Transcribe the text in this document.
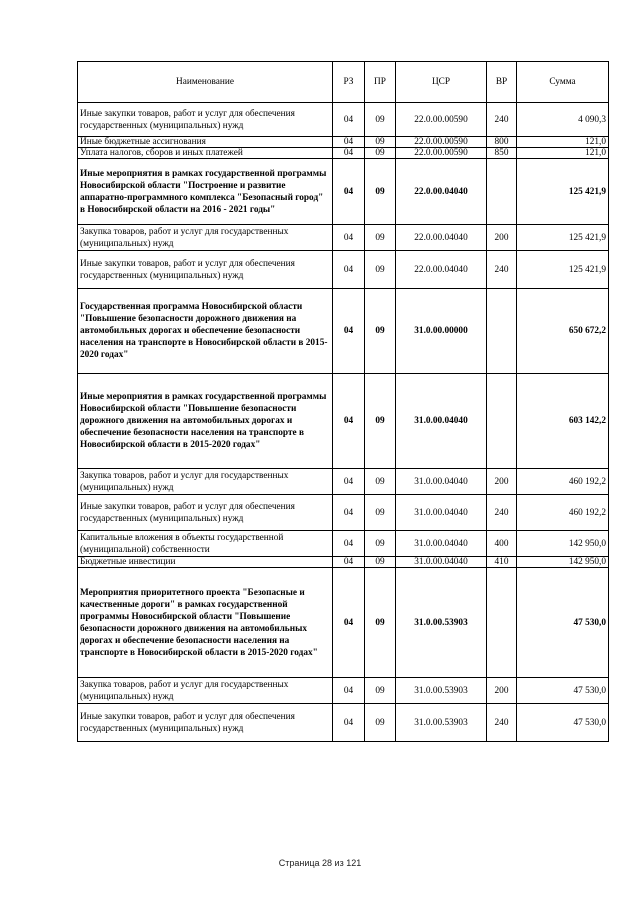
Наименование	РЗ	ПР	ЦСР	ВР	Сумма
Иные закупки товаров, работ и услуг для обеспечения государственных (муниципальных) нужд	04	09	22.0.00.00590	240	4 090,3
Иные бюджетные ассигнования	04	09	22.0.00.00590	800	121,0
Уплата налогов, сборов и иных платежей	04	09	22.0.00.00590	850	121,0
Иные мероприятия в рамках государственной программы Новосибирской области "Построение и развитие аппаратно-программного комплекса "Безопасный город" в Новосибирской области на 2016 - 2021 годы"	04	09	22.0.00.04040		125 421,9
Закупка товаров, работ и услуг для государственных (муниципальных) нужд	04	09	22.0.00.04040	200	125 421,9
Иные закупки товаров, работ и услуг для обеспечения государственных (муниципальных) нужд	04	09	22.0.00.04040	240	125 421,9
Государственная программа Новосибирской области "Повышение безопасности дорожного движения на автомобильных дорогах и обеспечение безопасности населения на транспорте в Новосибирской области в 2015-2020 годах"	04	09	31.0.00.00000		650 672,2
Иные мероприятия в рамках государственной программы Новосибирской области "Повышение безопасности дорожного движения на автомобильных дорогах и обеспечение безопасности населения на транспорте в Новосибирской области в 2015-2020 годах"	04	09	31.0.00.04040		603 142,2
Закупка товаров, работ и услуг для государственных (муниципальных) нужд	04	09	31.0.00.04040	200	460 192,2
Иные закупки товаров, работ и услуг для обеспечения государственных (муниципальных) нужд	04	09	31.0.00.04040	240	460 192,2
Капитальные вложения в объекты государственной (муниципальной) собственности	04	09	31.0.00.04040	400	142 950,0
Бюджетные инвестиции	04	09	31.0.00.04040	410	142 950,0
Мероприятия приоритетного проекта "Безопасные и качественные дороги" в рамках государственной программы Новосибирской области "Повышение безопасности дорожного движения на автомобильных дорогах и обеспечение безопасности населения на транспорте в Новосибирской области в 2015-2020 годах"	04	09	31.0.00.53903		47 530,0
Закупка товаров, работ и услуг для государственных (муниципальных) нужд	04	09	31.0.00.53903	200	47 530,0
Иные закупки товаров, работ и услуг для обеспечения государственных (муниципальных) нужд	04	09	31.0.00.53903	240	47 530,0
Страница 28 из 121
